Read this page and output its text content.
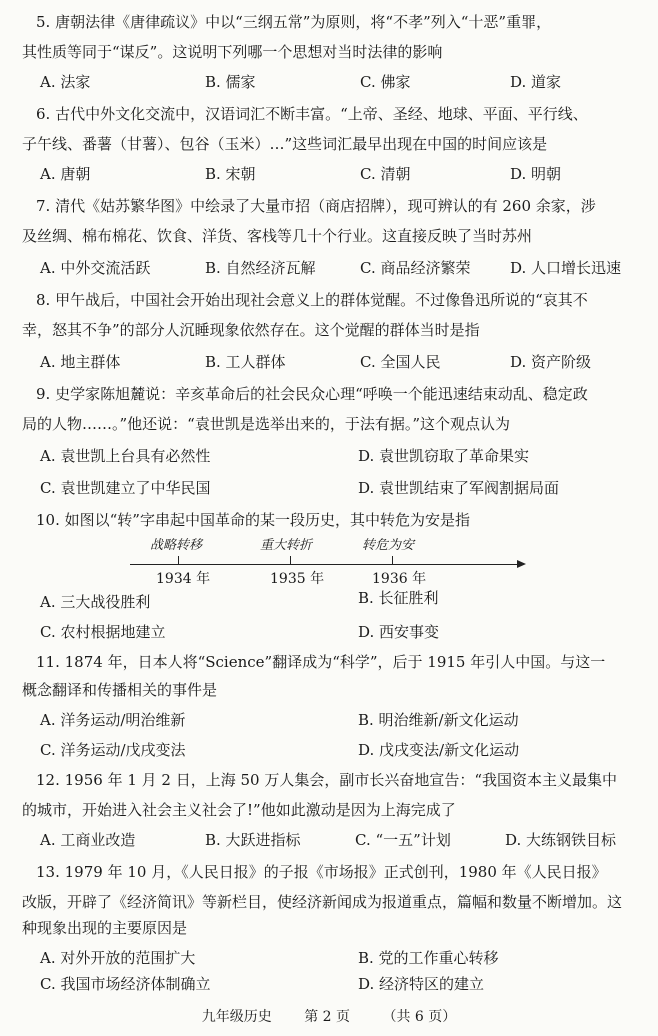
5. 唐朝法律《唐律疏议》中以“三纲五常”为原则，将“不孝”列入“十恶”重罪，
其性质等同于“谋反”。这说明下列哪一个思想对当时法律的影响
A. 法家	B. 儒家	C. 佛家	D. 道家
6. 古代中外文化交流中，汉语词汇不断丰富。“上帝、圣经、地球、平面、平行线、
子午线、番薯（甘薯）、包谷（玉米）…”这些词汇最早出现在中国的时间应该是
A. 唐朝	B. 宋朝	C. 清朝	D. 明朝
7. 清代《姑苏繁华图》中绘录了大量市招（商店招牌），现可辨认的有 260 余家，涉
及丝绸、棉布棉花、饮食、洋货、客栈等几十个行业。这直接反映了当时苏州
A. 中外交流活跃	B. 自然经济瓦解	C. 商品经济繁荣	D. 人口增长迅速
8. 甲午战后，中国社会开始出现社会意义上的群体觉醒。不过像鲁迅所说的“哀其不
幸，怒其不争”的部分人沉睡现象依然存在。这个觉醒的群体当时是指
A. 地主群体	B. 工人群体	C. 全国人民	D. 资产阶级
9. 史学家陈旭麓说：辛亥革命后的社会民众心理“呼唤一个能迅速结束动乱、稳定政
局的人物……。”他还说：“袁世凯是选举出来的，于法有据。”这个观点认为
A. 袁世凯上台具有必然性	D. 袁世凯窃取了革命果实
C. 袁世凯建立了中华民国	D. 袁世凯结束了军阀割据局面
10. 如图以“转”字串起中国革命的某一段历史，其中转危为安是指
战略转移	重大转折	转危为安
1934 年	1935 年	1936 年
A. 三大战役胜利	B. 长征胜利
C. 农村根据地建立	D. 西安事变
11. 1874 年，日本人将“Science”翻译成为“科学”，后于 1915 年引人中国。与这一
概念翻译和传播相关的事件是
A. 洋务运动/明治维新	B. 明治维新/新文化运动
C. 洋务运动/戊戌变法	D. 戊戌变法/新文化运动
12. 1956 年 1 月 2 日，上海 50 万人集会，副市长兴奋地宣告：“我国资本主义最集中
的城市，开始进入社会主义社会了!”他如此激动是因为上海完成了
A. 工商业改造	B. 大跃进指标	C. “一五”计划	D. 大练钢铁目标
13. 1979 年 10 月，《人民日报》的子报《市场报》正式创刊，1980 年《人民日报》
改版，开辟了《经济简讯》等新栏目，使经济新闻成为报道重点，篇幅和数量不断增加。这
种现象出现的主要原因是
A. 对外开放的范围扩大	B. 党的工作重心转移
C. 我国市场经济体制确立	D. 经济特区的建立
九年级历史 第 2 页 （共 6 页）
